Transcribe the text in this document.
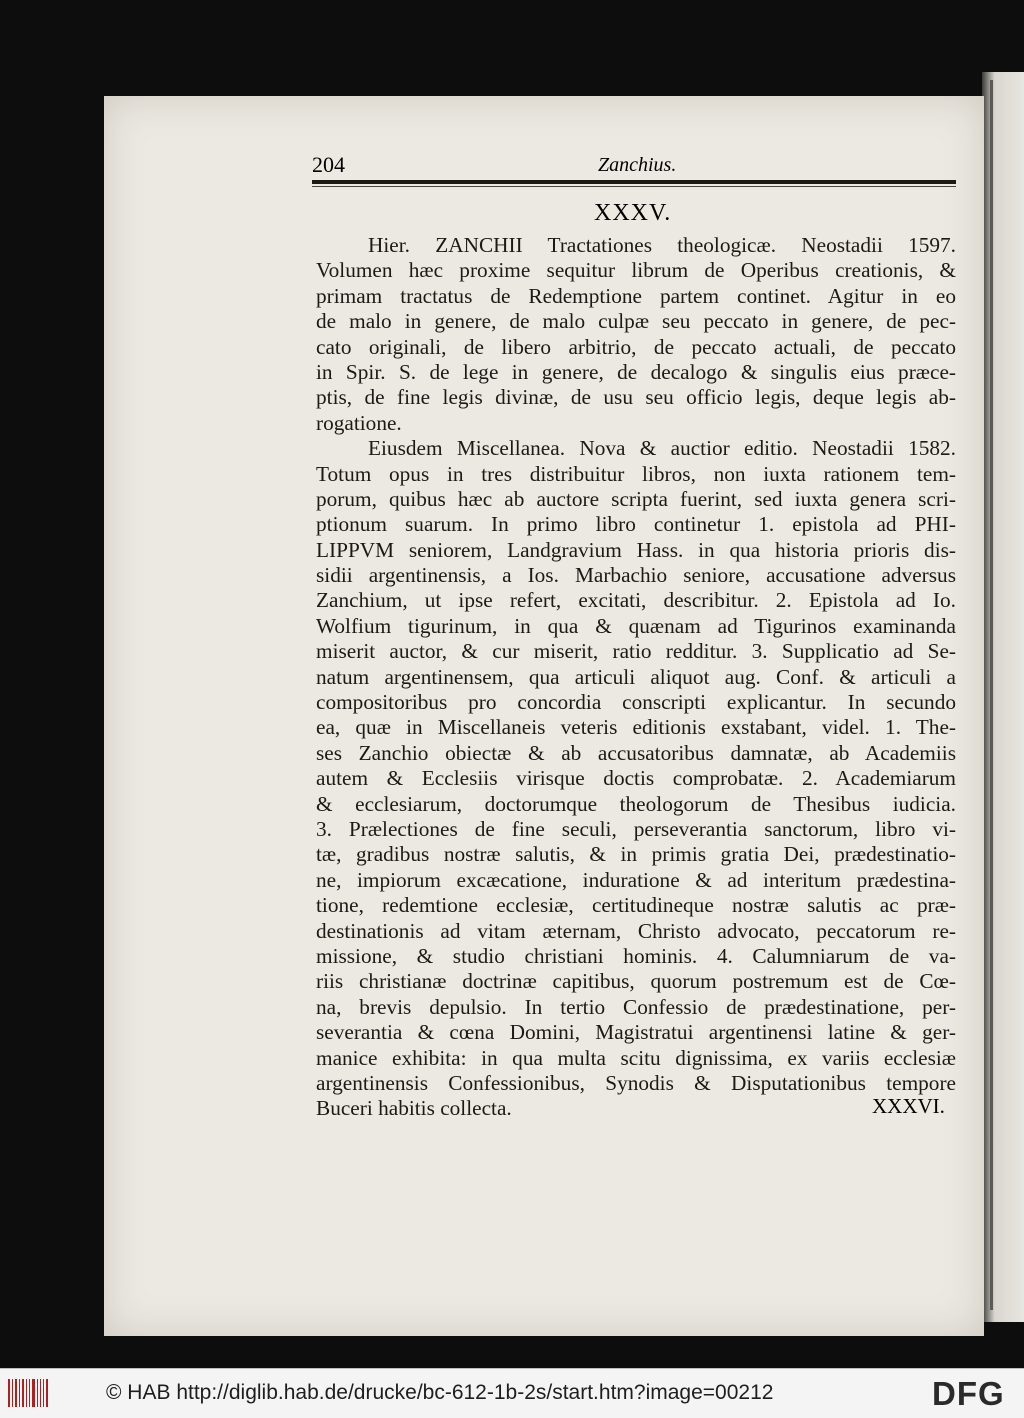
204	Zanchius.
XXXV.
Hier. ZANCHII Tractationes theologicæ. Neostadii 1597.
Volumen hæc proxime sequitur librum de Operibus creationis, &
primam tractatus de Redemptione partem continet. Agitur in eo
de malo in genere, de malo culpæ seu peccato in genere, de pec-
cato originali, de libero arbitrio, de peccato actuali, de peccato
in Spir. S. de lege in genere, de decalogo & singulis eius præce-
ptis, de fine legis divinæ, de usu seu officio legis, deque legis ab-
rogatione.
Eiusdem Miscellanea. Nova & auctior editio. Neostadii 1582.
Totum opus in tres distribuitur libros, non iuxta rationem tem-
porum, quibus hæc ab auctore scripta fuerint, sed iuxta genera scri-
ptionum suarum. In primo libro continetur 1. epistola ad PHI-
LIPPVM seniorem, Landgravium Hass. in qua historia prioris dis-
sidii argentinensis, a Ios. Marbachio seniore, accusatione adversus
Zanchium, ut ipse refert, excitati, describitur. 2. Epistola ad Io.
Wolfium tigurinum, in qua & quænam ad Tigurinos examinanda
miserit auctor, & cur miserit, ratio redditur. 3. Supplicatio ad Se-
natum argentinensem, qua articuli aliquot aug. Conf. & articuli a
compositoribus pro concordia conscripti explicantur. In secundo
ea, quæ in Miscellaneis veteris editionis exstabant, videl. 1. The-
ses Zanchio obiectæ & ab accusatoribus damnatæ, ab Academiis
autem & Ecclesiis virisque doctis comprobatæ. 2. Academiarum
& ecclesiarum, doctorumque theologorum de Thesibus iudicia.
3. Prælectiones de fine seculi, perseverantia sanctorum, libro vi-
tæ, gradibus nostræ salutis, & in primis gratia Dei, prædestinatio-
ne, impiorum excæcatione, induratione & ad interitum prædestina-
tione, redemtione ecclesiæ, certitudineque nostræ salutis ac præ-
destinationis ad vitam æternam, Christo advocato, peccatorum re-
missione, & studio christiani hominis. 4. Calumniarum de va-
riis christianæ doctrinæ capitibus, quorum postremum est de Cœ-
na, brevis depulsio. In tertio Confessio de prædestinatione, per-
severantia & cœna Domini, Magistratui argentinensi latine & ger-
manice exhibita: in qua multa scitu dignissima, ex variis ecclesiæ
argentinensis Confessionibus, Synodis & Disputationibus tempore
Buceri habitis collecta.	XXXVI.
© HAB http://diglib.hab.de/drucke/bc-612-1b-2s/start.htm?image=00212	DFG
